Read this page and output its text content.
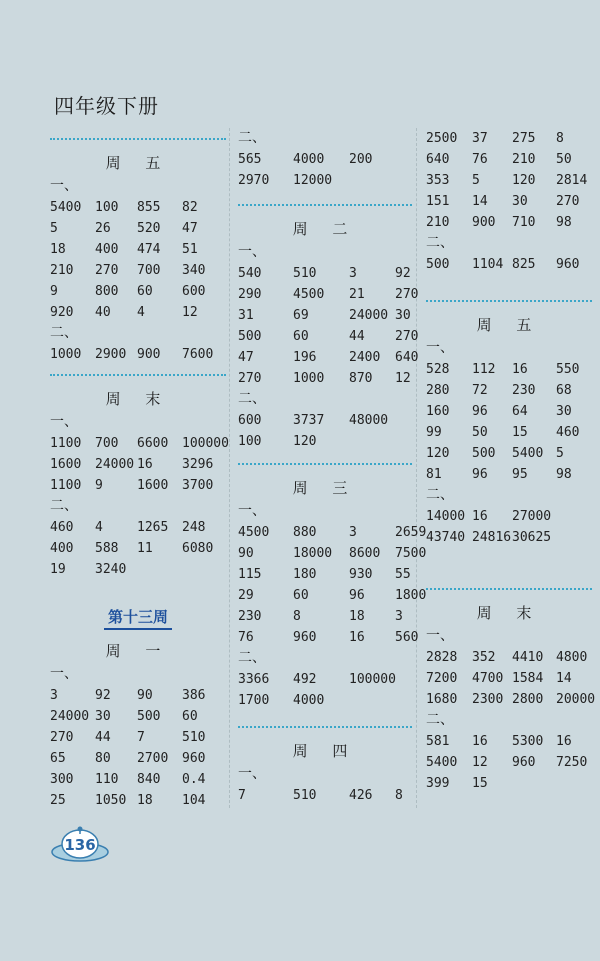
四年级下册
周 五
一、
5400	100	855	82
5	26	520	47
18	400	474	51
210	270	700	340
9	800	60	600
920	40	4	12
二、
1000	2900 900	7600
周 末
一、
1100	700	6600	100000
1600	24000 16	3296
1100	9	1600	3700
二、
460	4	1265	248
400	588	11	6080
19	3240
第十三周
周 一
一、
3	92	90	386
24000 30	500	60
270	44	7	510
65	80	2700	960
300	110	840	0.4
25	1050 18	104
二、
565	4000	200
2970	12000
周 二
一、
540	510	3	92
290	4500	21	270
31	69	24000 30
500	60	44	270
47	196	2400	640
270	1000	870	12
二、
600	3737	48000
100	120
周 三
一、
4500	880	3	2659
90	18000	8600	7500
115	180	930	55
29	60	96	1800
230	8	18	3
76	960	16	560
二、
3366	492	100000
1700	4000
周 四
一、
7	510	426	8
2500	37	275	8
640	76	210	50
353	5	120	2814
151	14	30	270
210	900	710	98
二、
500	1104 825	960
周 五
一、
528	112	16	550
280	72	230	68
160	96	64	30
99	50	15	460
120	500	5400 5
81	96	95	98
二、
14000 16	27000
43740 24816 30625
周 末
一、
2828	352	4410 4800
7200	4700 1584 14
1680	2300 2800 20000
二、
581	16	5300 16
5400	12	960	7250
399	15
136
